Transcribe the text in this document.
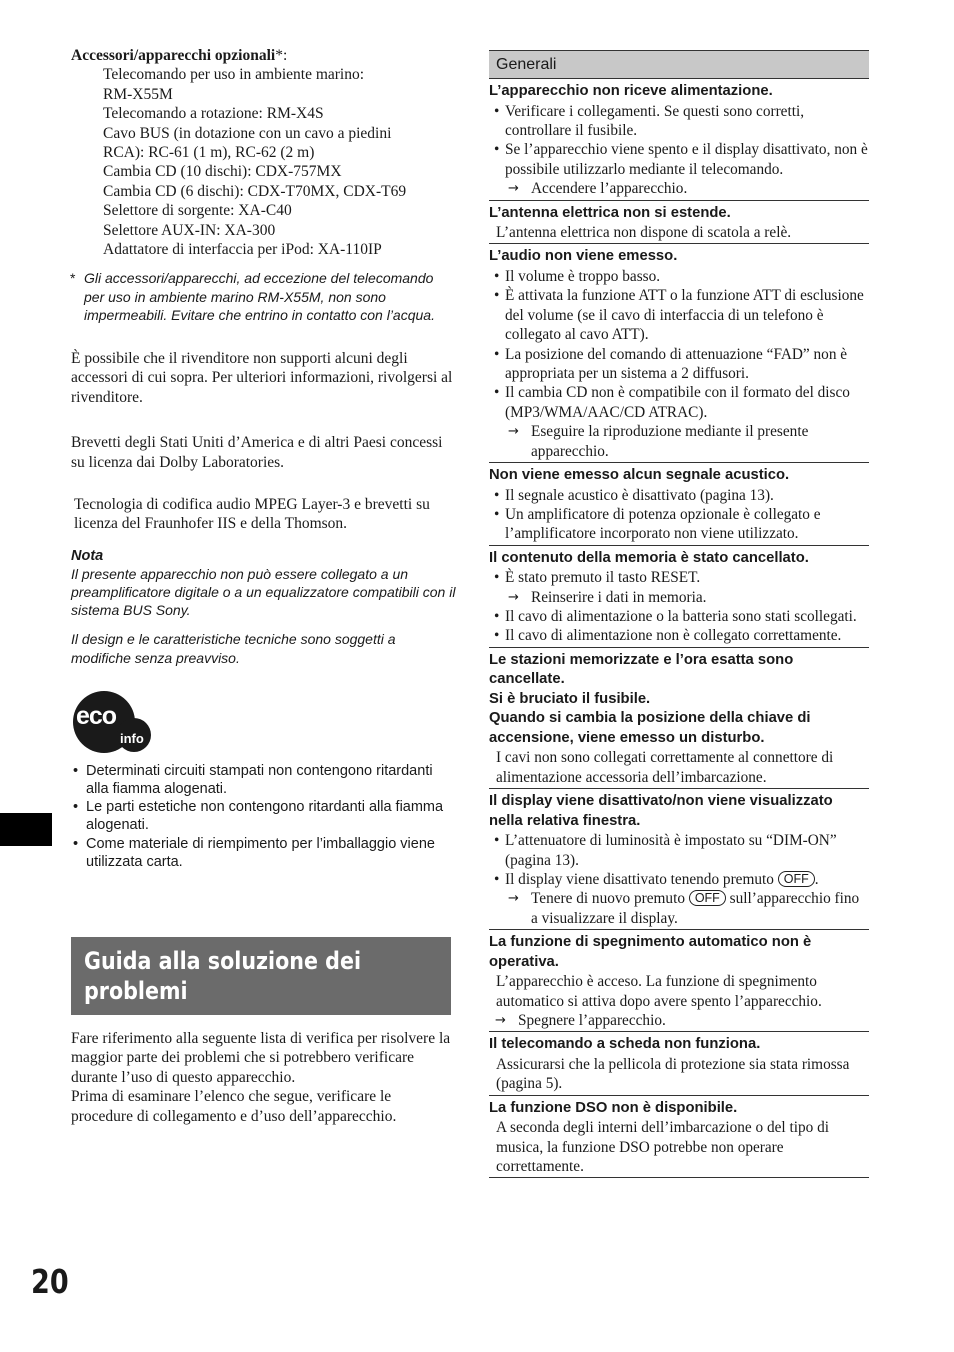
Accessori/apparecchi opzionali*:
Telecomando per uso in ambiente marino:
RM-X55M
Telecomando a rotazione: RM-X4S
Cavo BUS (in dotazione con un cavo a piedini
RCA): RC-61 (1 m), RC-62 (2 m)
Cambia CD (10 dischi): CDX-757MX
Cambia CD (6 dischi): CDX-T70MX, CDX-T69
Selettore di sorgente: XA-C40
Selettore AUX-IN: XA-300
Adattatore di interfaccia per iPod: XA-110IP
* Gli accessori/apparecchi, ad eccezione del telecomando per uso in ambiente marino RM-X55M, non sono impermeabili. Evitare che entrino in contatto con l’acqua.

È possibile che il rivenditore non supporti alcuni degli accessori di cui sopra. Per ulteriori informazioni, rivolgersi al rivenditore.

Brevetti degli Stati Uniti d’America e di altri Paesi concessi su licenza dai Dolby Laboratories.

Tecnologia di codifica audio MPEG Layer-3 e brevetti su licenza del Fraunhofer IIS e della Thomson.

Nota
Il presente apparecchio non può essere collegato a un preamplificatore digitale o a un equalizzatore compatibili con il sistema BUS Sony.
Il design e le caratteristiche tecniche sono soggetti a modifiche senza preavviso.
eco
info
• Determinati circuiti stampati non contengono ritardanti alla fiamma alogenati.
• Le parti estetiche non contengono ritardanti alla fiamma alogenati.
• Come materiale di riempimento per l’imballaggio viene utilizzata carta.
Guida alla soluzione dei problemi
Fare riferimento alla seguente lista di verifica per risolvere la maggior parte dei problemi che si potrebbero verificare durante l’uso di questo apparecchio.
Prima di esaminare l’elenco che segue, verificare le procedure di collegamento e d’uso dell’apparecchio.
20
Generali
L’apparecchio non riceve alimentazione.
• Verificare i collegamenti. Se questi sono corretti, controllare il fusibile.
• Se l’apparecchio viene spento e il display disattivato, non è possibile utilizzarlo mediante il telecomando.
→ Accendere l’apparecchio.
L’antenna elettrica non si estende.
L’antenna elettrica non dispone di scatola a relè.
L’audio non viene emesso.
• Il volume è troppo basso.
• È attivata la funzione ATT o la funzione ATT di esclusione del volume (se il cavo di interfaccia di un telefono è collegato al cavo ATT).
• La posizione del comando di attenuazione “FAD” non è appropriata per un sistema a 2 diffusori.
• Il cambia CD non è compatibile con il formato del disco (MP3/WMA/AAC/CD ATRAC).
→ Eseguire la riproduzione mediante il presente apparecchio.
Non viene emesso alcun segnale acustico.
• Il segnale acustico è disattivato (pagina 13).
• Un amplificatore di potenza opzionale è collegato e l’amplificatore incorporato non viene utilizzato.
Il contenuto della memoria è stato cancellato.
• È stato premuto il tasto RESET.
→ Reinserire i dati in memoria.
• Il cavo di alimentazione o la batteria sono stati scollegati.
• Il cavo di alimentazione non è collegato correttamente.
Le stazioni memorizzate e l’ora esatta sono cancellate.
Si è bruciato il fusibile.
Quando si cambia la posizione della chiave di accensione, viene emesso un disturbo.
I cavi non sono collegati correttamente al connettore di alimentazione accessoria dell’imbarcazione.
Il display viene disattivato/non viene visualizzato nella relativa finestra.
• L’attenuatore di luminosità è impostato su “DIM-ON” (pagina 13).
• Il display viene disattivato tenendo premuto OFF .
→ Tenere di nuovo premuto OFF sull’apparecchio fino a visualizzare il display.
La funzione di spegnimento automatico non è operativa.
L’apparecchio è acceso. La funzione di spegnimento automatico si attiva dopo avere spento l’apparecchio.
→ Spegnere l’apparecchio.
Il telecomando a scheda non funziona.
Assicurarsi che la pellicola di protezione sia stata rimossa (pagina 5).
La funzione DSO non è disponibile.
A seconda degli interni dell’imbarcazione o del tipo di musica, la funzione DSO potrebbe non operare correttamente.
